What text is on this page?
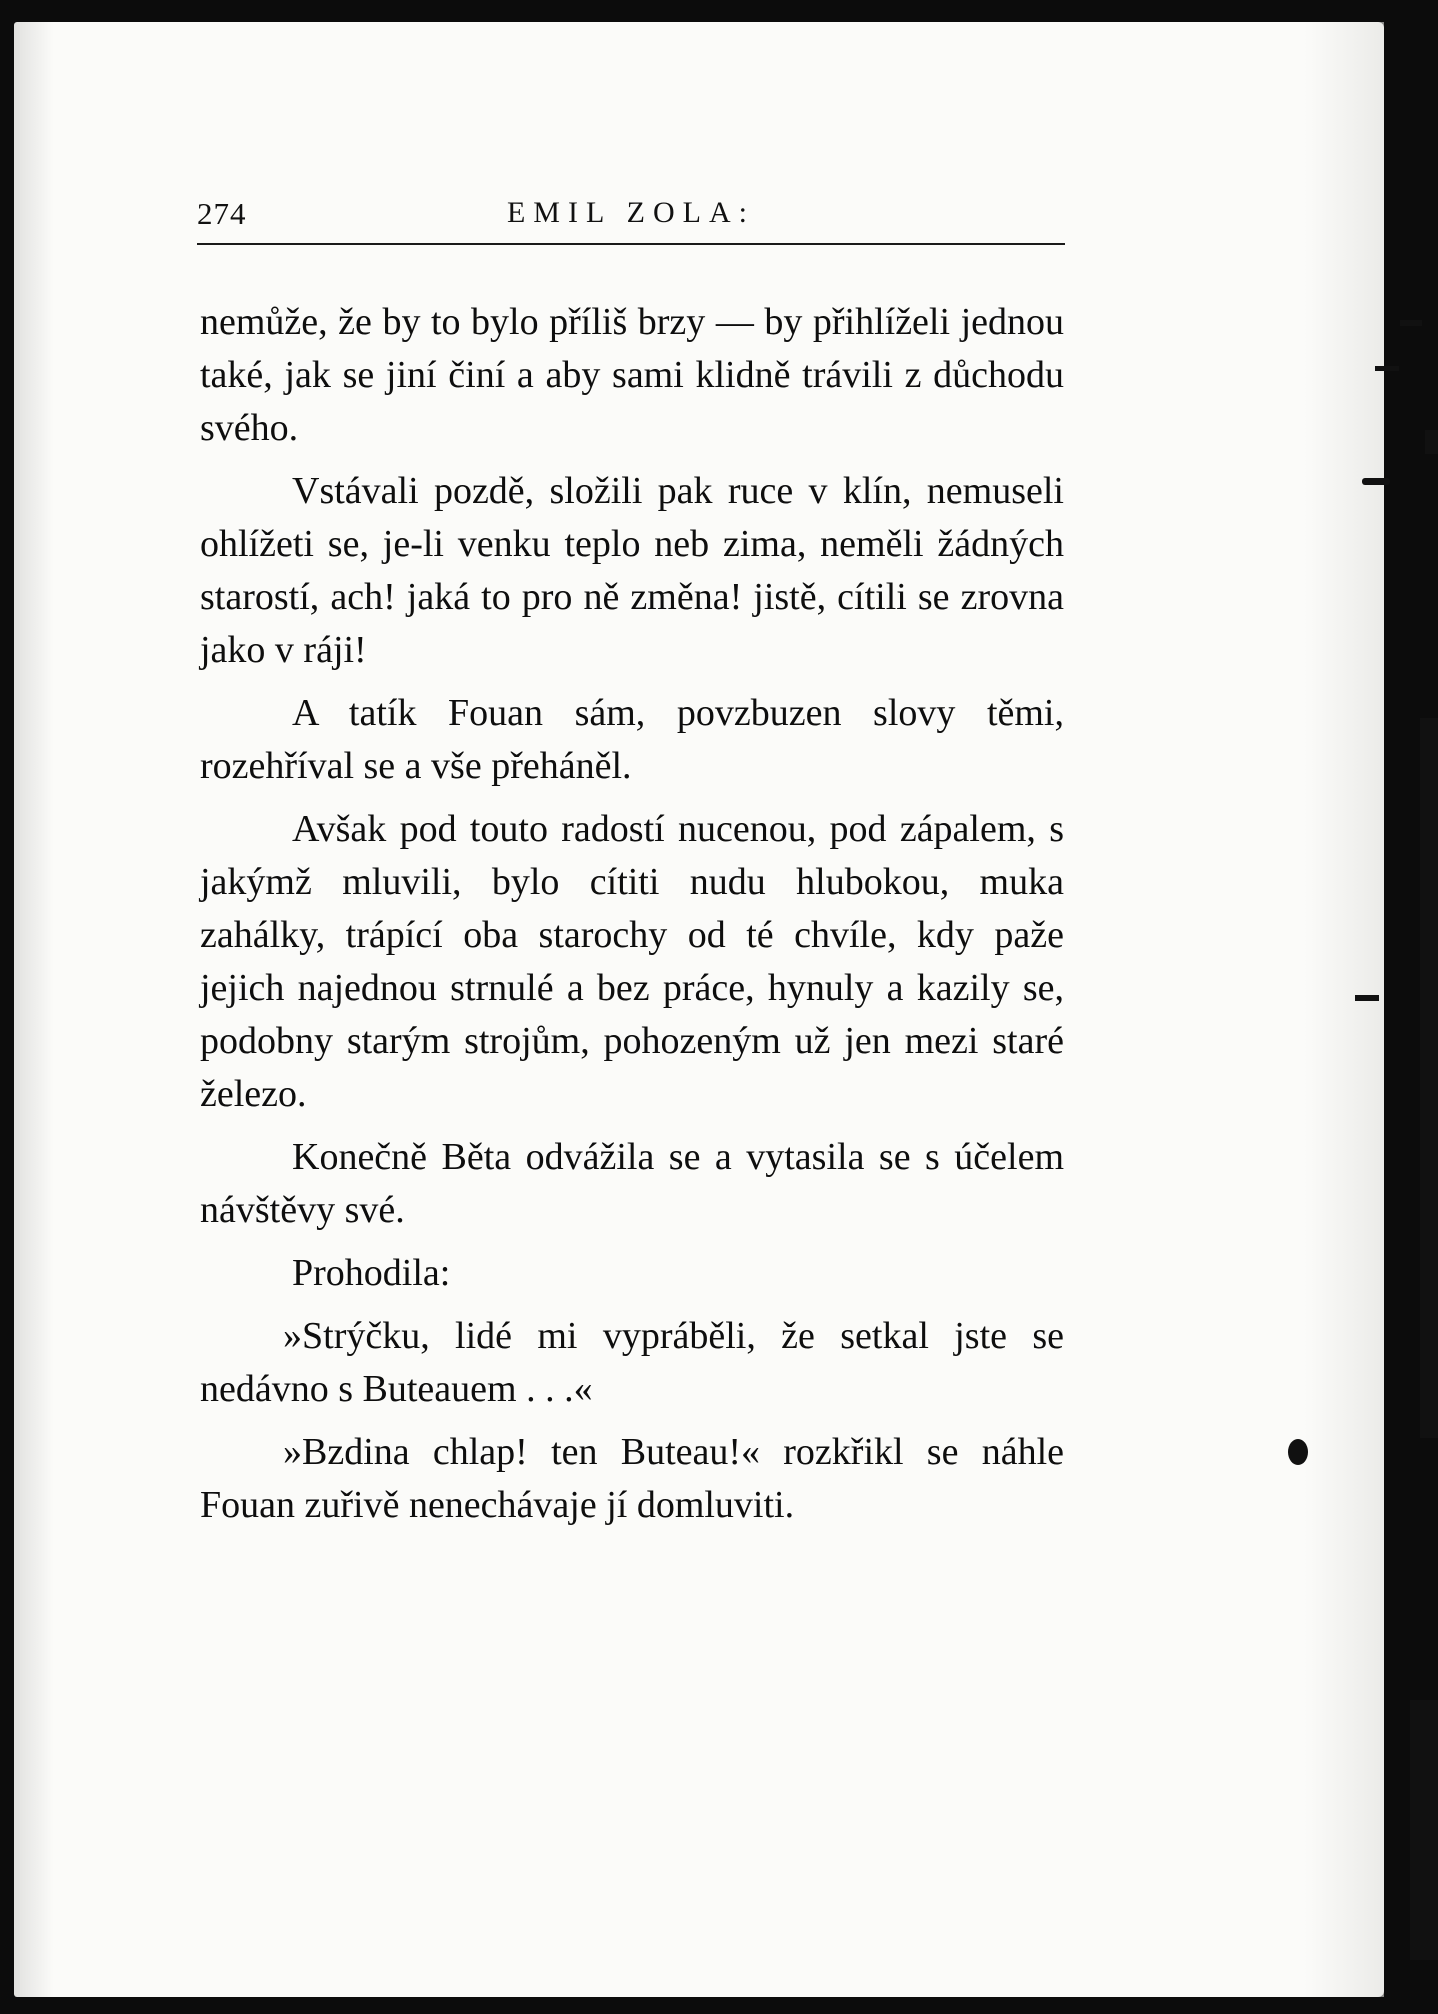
274	EMIL ZOLA:

nemůže, že by to bylo příliš brzy — by přihlíželi jednou také, jak se jiní činí a aby sami klidně trávili z důchodu svého.

Vstávali pozdě, složili pak ruce v klín, nemuseli ohlížeti se, je-li venku teplo neb zima, neměli žádných starostí, ach! jaká to pro ně změna! jistě, cítili se zrovna jako v ráji!

A tatík Fouan sám, povzbuzen slovy těmi, rozehříval se a vše přeháněl.

Avšak pod touto radostí nucenou, pod zápalem, s jakýmž mluvili, bylo cítiti nudu hlubokou, muka zahálky, trápící oba starochy od té chvíle, kdy paže jejich najednou strnulé a bez práce, hynuly a kazily se, podobny starým strojům, pohozeným už jen mezi staré železo.

Konečně Běta odvážila se a vytasila se s účelem návštěvy své.

Prohodila:

»Strýčku, lidé mi vypráběli, že setkal jste se nedávno s Buteauem . . .«

»Bzdina chlap! ten Buteau!« rozkřikl se náhle Fouan zuřivě nenechávaje jí domluviti.
